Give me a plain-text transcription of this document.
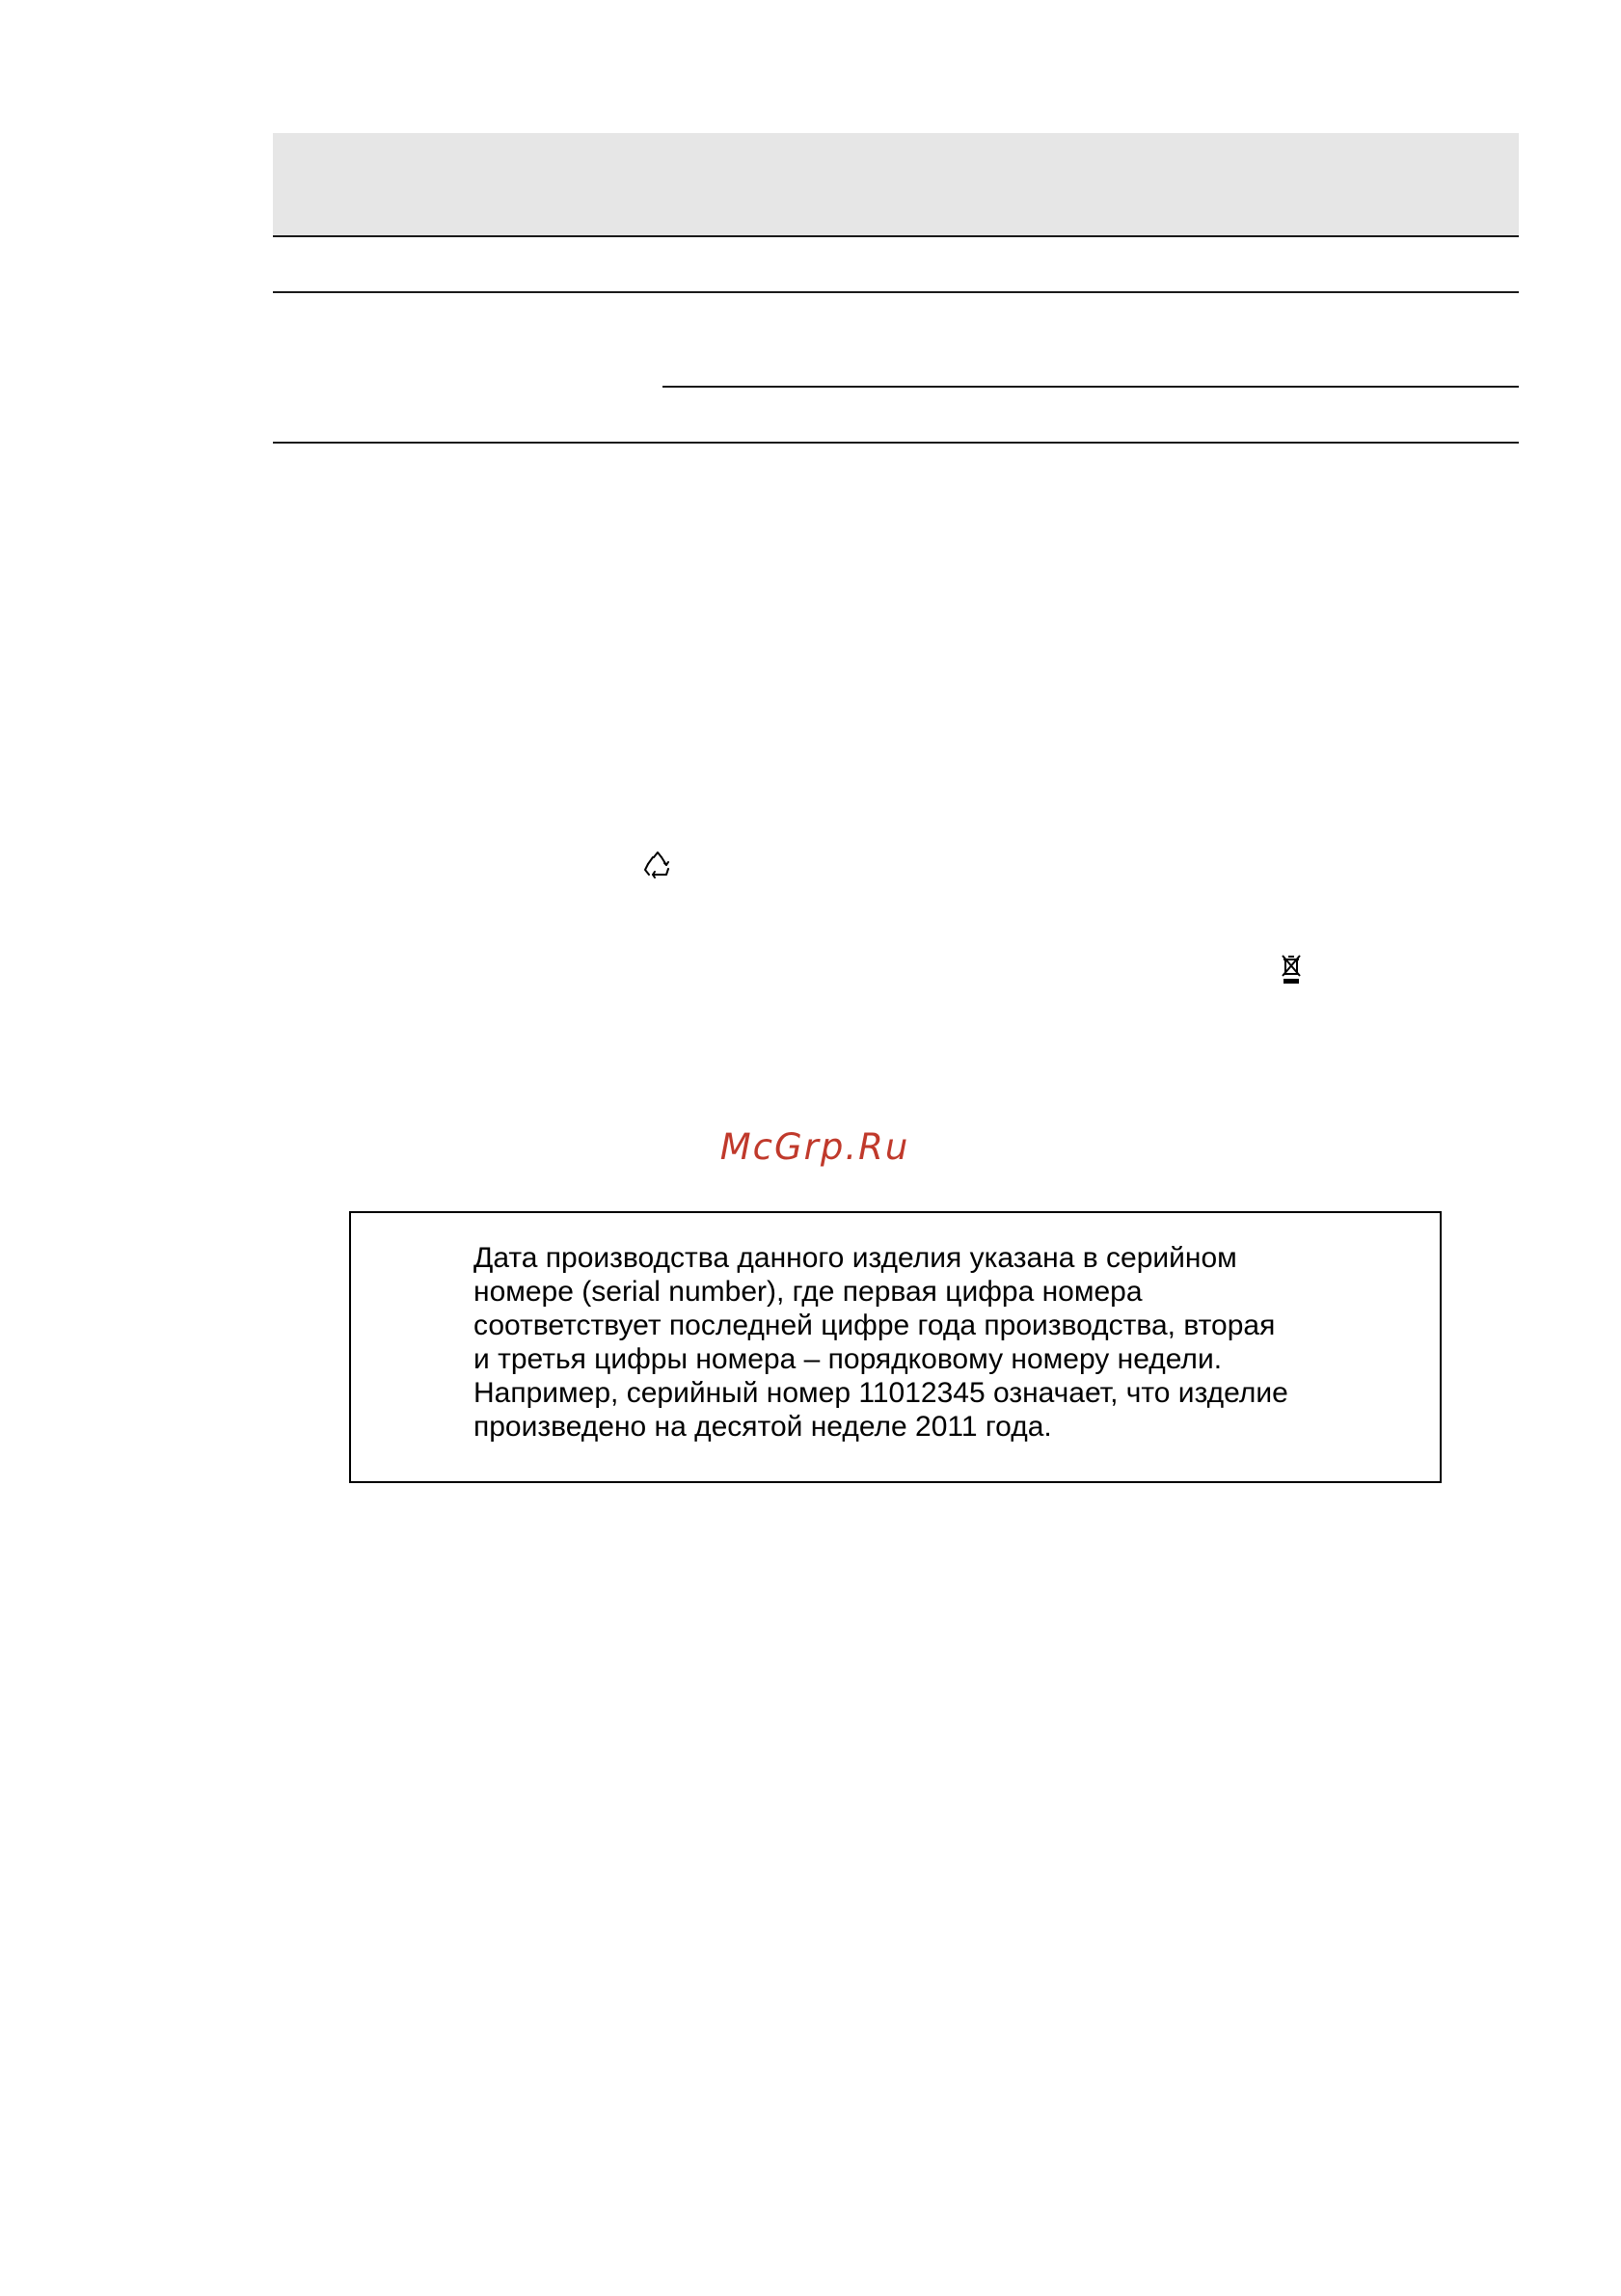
McGrp.Ru

Дата производства данного изделия указана в серийном
номере (serial number), где первая цифра номера
соответствует последней цифре года производства, вторая
и третья цифры номера – порядковому номеру недели.
Например, серийный номер 11012345 означает, что изделие
произведено на десятой неделе 2011 года.
